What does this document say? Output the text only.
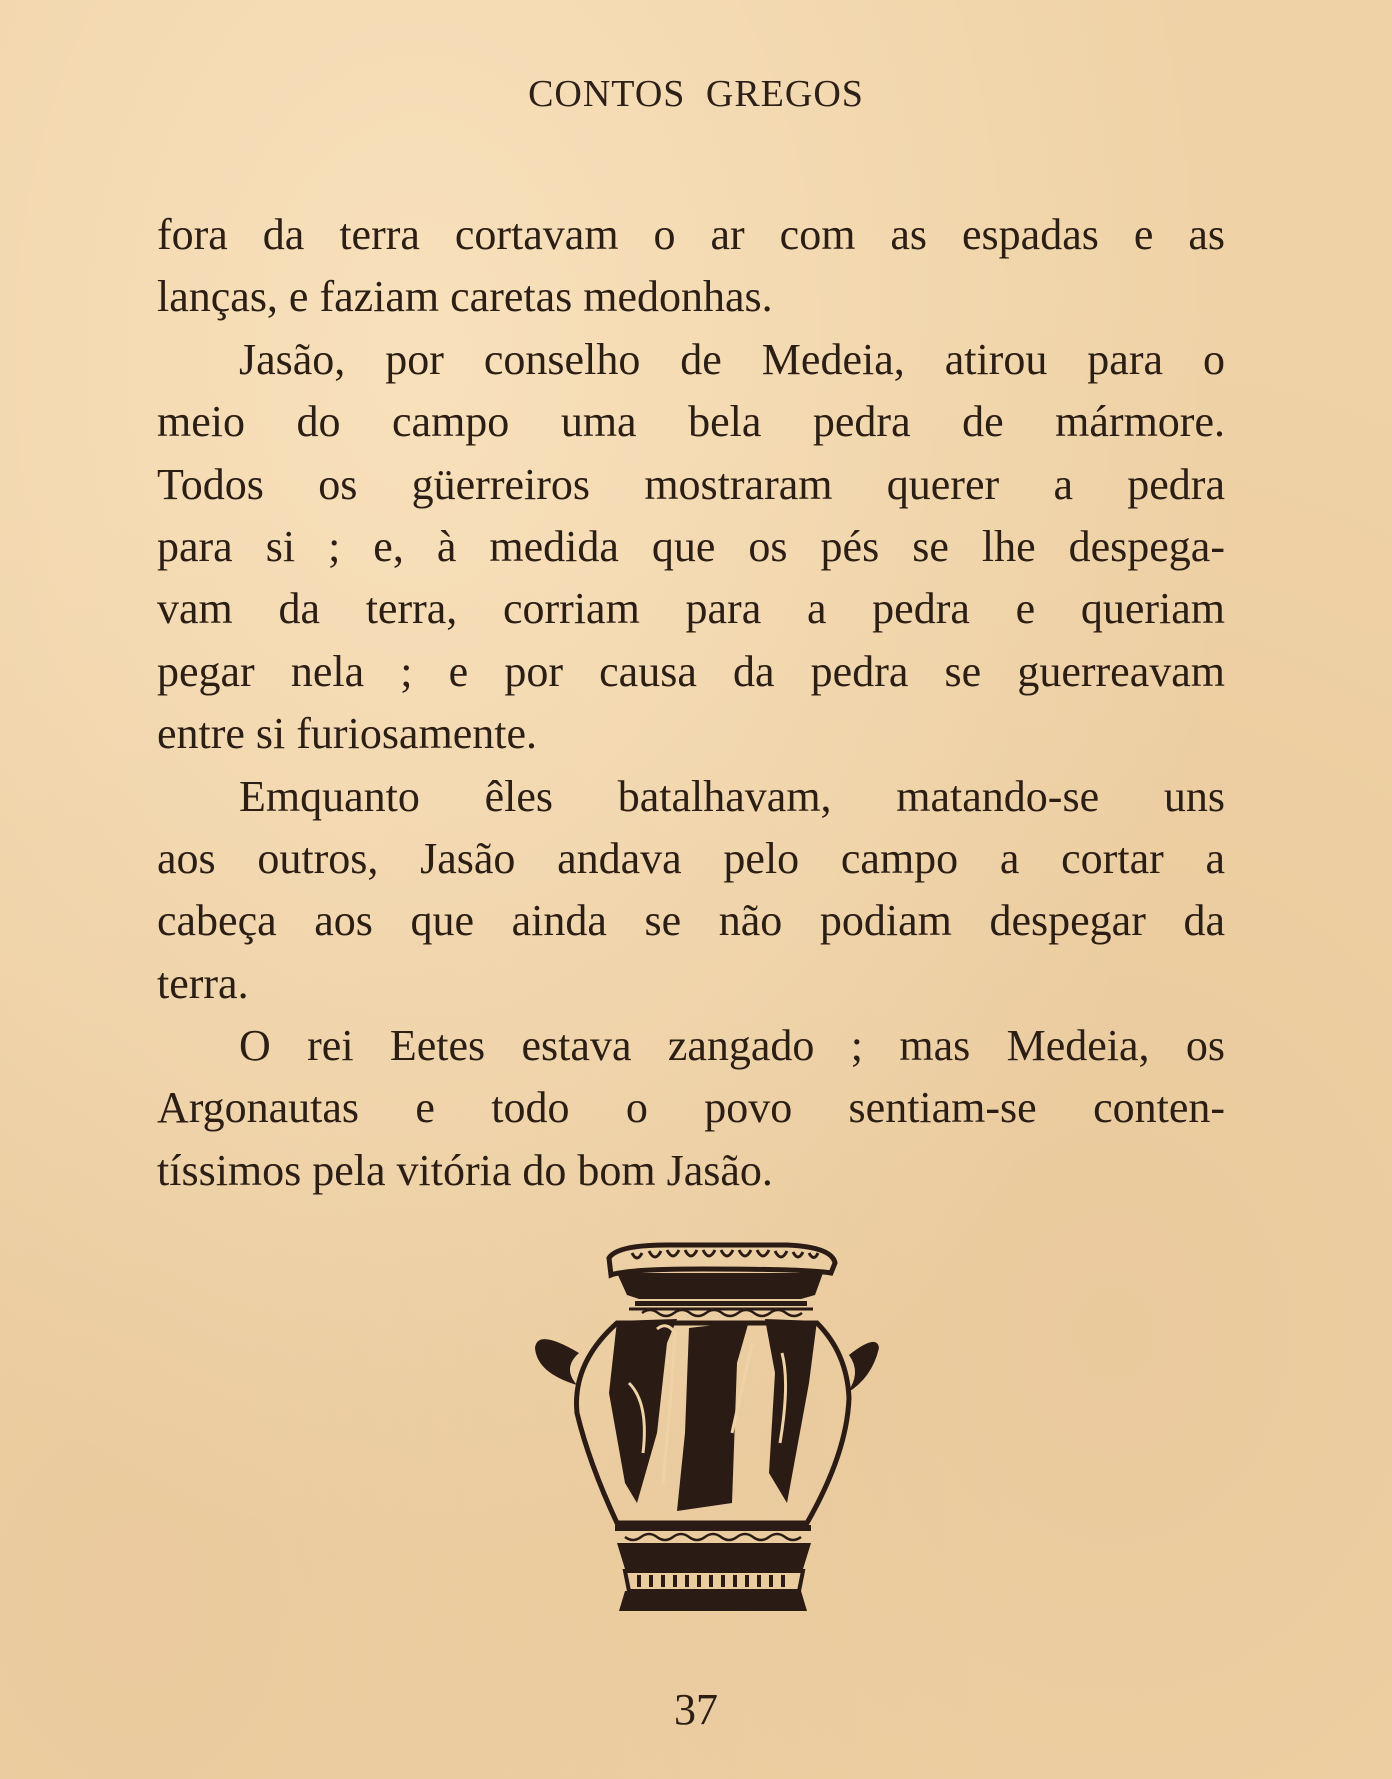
CONTOS GREGOS
fora da terra cortavam o ar com as espadas e as
lanças, e faziam caretas medonhas.
Jasão, por conselho de Medeia, atirou para o
meio do campo uma bela pedra de mármore.
Todos os güerreiros mostraram querer a pedra
para si ; e, à medida que os pés se lhe despega-
vam da terra, corriam para a pedra e queriam
pegar nela ; e por causa da pedra se guerreavam
entre si furiosamente.
Emquanto êles batalhavam, matando-se uns
aos outros, Jasão andava pelo campo a cortar a
cabeça aos que ainda se não podiam despegar da
terra.
O rei Eetes estava zangado ; mas Medeia, os
Argonautas e todo o povo sentiam-se conten-
tíssimos pela vitória do bom Jasão.
37
